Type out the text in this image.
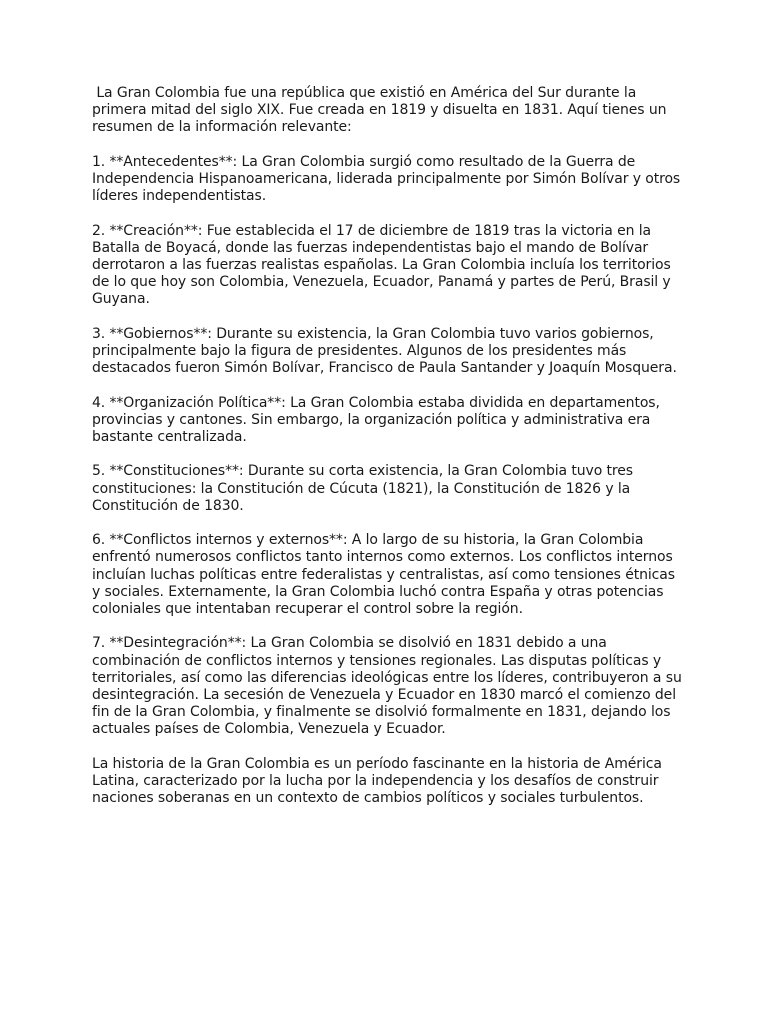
La Gran Colombia fue una república que existió en América del Sur durante la primera mitad del siglo XIX. Fue creada en 1819 y disuelta en 1831. Aquí tienes un resumen de la información relevante:

1. **Antecedentes**: La Gran Colombia surgió como resultado de la Guerra de Independencia Hispanoamericana, liderada principalmente por Simón Bolívar y otros líderes independentistas.

2. **Creación**: Fue establecida el 17 de diciembre de 1819 tras la victoria en la Batalla de Boyacá, donde las fuerzas independentistas bajo el mando de Bolívar derrotaron a las fuerzas realistas españolas. La Gran Colombia incluía los territorios de lo que hoy son Colombia, Venezuela, Ecuador, Panamá y partes de Perú, Brasil y Guyana.

3. **Gobiernos**: Durante su existencia, la Gran Colombia tuvo varios gobiernos, principalmente bajo la figura de presidentes. Algunos de los presidentes más destacados fueron Simón Bolívar, Francisco de Paula Santander y Joaquín Mosquera.

4. **Organización Política**: La Gran Colombia estaba dividida en departamentos, provincias y cantones. Sin embargo, la organización política y administrativa era bastante centralizada.

5. **Constituciones**: Durante su corta existencia, la Gran Colombia tuvo tres constituciones: la Constitución de Cúcuta (1821), la Constitución de 1826 y la Constitución de 1830.

6. **Conflictos internos y externos**: A lo largo de su historia, la Gran Colombia enfrentó numerosos conflictos tanto internos como externos. Los conflictos internos incluían luchas políticas entre federalistas y centralistas, así como tensiones étnicas y sociales. Externamente, la Gran Colombia luchó contra España y otras potencias coloniales que intentaban recuperar el control sobre la región.

7. **Desintegración**: La Gran Colombia se disolvió en 1831 debido a una combinación de conflictos internos y tensiones regionales. Las disputas políticas y territoriales, así como las diferencias ideológicas entre los líderes, contribuyeron a su desintegración. La secesión de Venezuela y Ecuador en 1830 marcó el comienzo del fin de la Gran Colombia, y finalmente se disolvió formalmente en 1831, dejando los actuales países de Colombia, Venezuela y Ecuador.

La historia de la Gran Colombia es un período fascinante en la historia de América Latina, caracterizado por la lucha por la independencia y los desafíos de construir naciones soberanas en un contexto de cambios políticos y sociales turbulentos.
